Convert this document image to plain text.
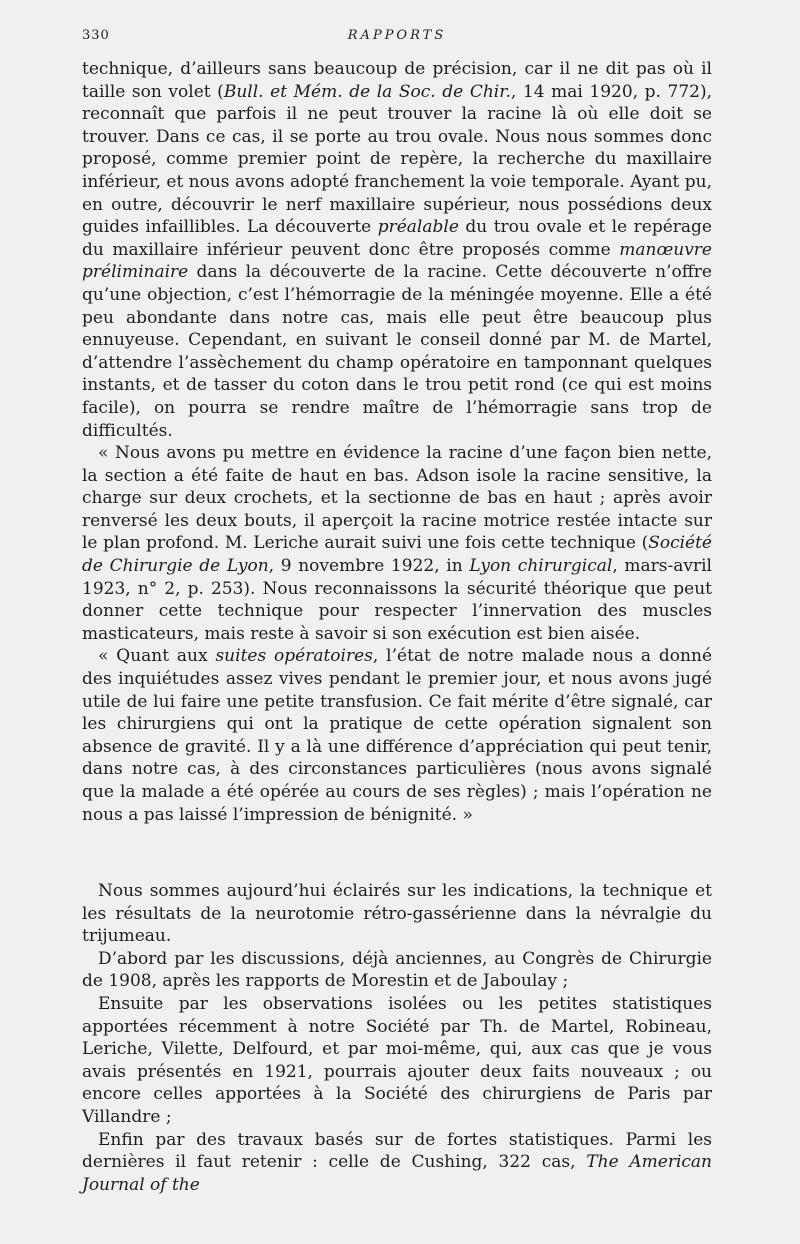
330	RAPPORTS

technique, d’ailleurs sans beaucoup de précision, car il ne dit pas où il taille son volet (Bull. et Mém. de la Soc. de Chir., 14 mai 1920, p. 772), reconnaît que parfois il ne peut trouver la racine là où elle doit se trouver. Dans ce cas, il se porte au trou ovale. Nous nous sommes donc proposé, comme premier point de repère, la recherche du maxillaire inférieur, et nous avons adopté franchement la voie temporale. Ayant pu, en outre, découvrir le nerf maxillaire supérieur, nous possédions deux guides infaillibles. La découverte préalable du trou ovale et le repérage du maxillaire inférieur peuvent donc être proposés comme manœuvre préliminaire dans la découverte de la racine. Cette découverte n’offre qu’une objection, c’est l’hémorragie de la méningée moyenne. Elle a été peu abondante dans notre cas, mais elle peut être beaucoup plus ennuyeuse. Cependant, en suivant le conseil donné par M. de Martel, d’attendre l’assèchement du champ opératoire en tamponnant quelques instants, et de tasser du coton dans le trou petit rond (ce qui est moins facile), on pourra se rendre maître de l’hémorragie sans trop de difficultés.

« Nous avons pu mettre en évidence la racine d’une façon bien nette, la section a été faite de haut en bas. Adson isole la racine sensitive, la charge sur deux crochets, et la sectionne de bas en haut ; après avoir renversé les deux bouts, il aperçoit la racine motrice restée intacte sur le plan profond. M. Leriche aurait suivi une fois cette technique (Société de Chirurgie de Lyon, 9 novembre 1922, in Lyon chirurgical, mars-avril 1923, n° 2, p. 253). Nous reconnaissons la sécurité théorique que peut donner cette technique pour respecter l’innervation des muscles masticateurs, mais reste à savoir si son exécution est bien aisée.

« Quant aux suites opératoires, l’état de notre malade nous a donné des inquiétudes assez vives pendant le premier jour, et nous avons jugé utile de lui faire une petite transfusion. Ce fait mérite d’être signalé, car les chirurgiens qui ont la pratique de cette opération signalent son absence de gravité. Il y a là une différence d’appréciation qui peut tenir, dans notre cas, à des circonstances particulières (nous avons signalé que la malade a été opérée au cours de ses règles) ; mais l’opération ne nous a pas laissé l’impression de bénignité. »

Nous sommes aujourd’hui éclairés sur les indications, la technique et les résultats de la neurotomie rétro-gassérienne dans la névralgie du trijumeau.

D’abord par les discussions, déjà anciennes, au Congrès de Chirurgie de 1908, après les rapports de Morestin et de Jaboulay ;

Ensuite par les observations isolées ou les petites statistiques apportées récemment à notre Société par Th. de Martel, Robineau, Leriche, Vilette, Delfourd, et par moi-même, qui, aux cas que je vous avais présentés en 1921, pourrais ajouter deux faits nouveaux ; ou encore celles apportées à la Société des chirurgiens de Paris par Villandre ;

Enfin par des travaux basés sur de fortes statistiques. Parmi les dernières il faut retenir : celle de Cushing, 322 cas, The American Journal of the
